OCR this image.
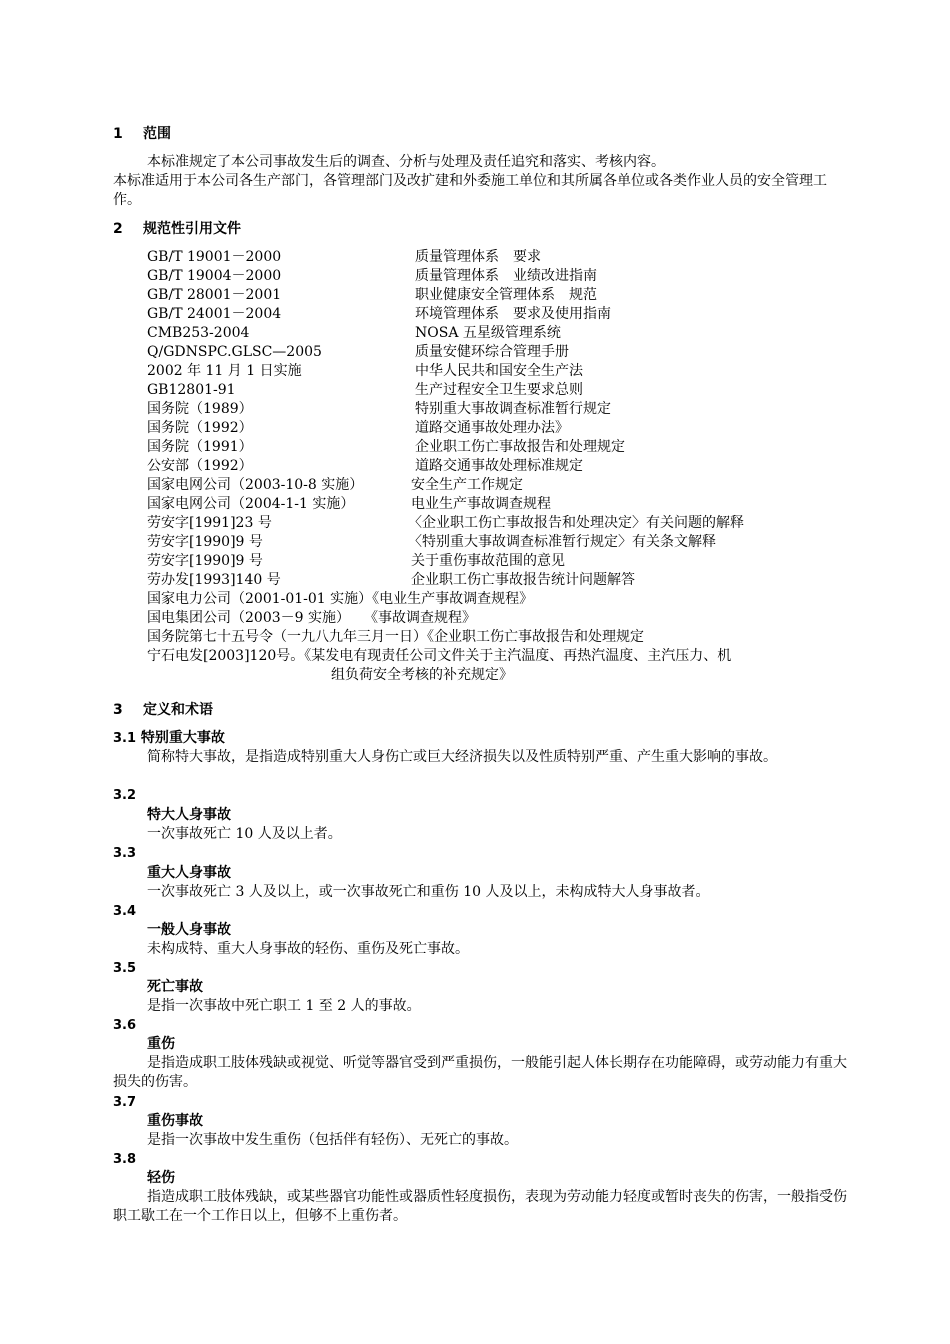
1 范围
本标准规定了本公司事故发生后的调查、分析与处理及责任追究和落实、考核内容。
本标准适用于本公司各生产部门，各管理部门及改扩建和外委施工单位和其所属各单位或各类作业人员的安全管理工作。
2 规范性引用文件
GB/T 19001－2000	质量管理体系　要求
GB/T 19004－2000	质量管理体系　业绩改进指南
GB/T 28001－2001	职业健康安全管理体系　规范
GB/T 24001－2004	环境管理体系　要求及使用指南
CMB253-2004	NOSA 五星级管理系统
Q/GDNSPC.GLSC—2005	质量安健环综合管理手册
2002 年 11 月 1 日实施	中华人民共和国安全生产法
GB12801-91	生产过程安全卫生要求总则
国务院（1989）	特别重大事故调查标准暂行规定
国务院（1992）	道路交通事故处理办法》
国务院（1991）	企业职工伤亡事故报告和处理规定
公安部（1992）	道路交通事故处理标准规定
国家电网公司（2003-10-8 实施）	安全生产工作规定
国家电网公司（2004-1-1 实施）	电业生产事故调查规程
劳安字[1991]23 号	〈企业职工伤亡事故报告和处理决定〉有关问题的解释
劳安字[1990]9 号	〈特别重大事故调查标准暂行规定〉有关条文解释
劳安字[1990]9 号	关于重伤事故范围的意见
劳办发[1993]140 号	企业职工伤亡事故报告统计问题解答
国家电力公司（2001-01-01 实施）《电业生产事故调查规程》
国电集团公司（2003－9 实施）　　《事故调查规程》
国务院第七十五号令（一九八九年三月一日）《企业职工伤亡事故报告和处理规定
宁石电发[2003]120号。《某发电有现责任公司文件关于主汽温度、再热汽温度、主汽压力、机
组负荷安全考核的补充规定》
3 定义和术语
3.1 特别重大事故
简称特大事故，是指造成特别重大人身伤亡或巨大经济损失以及性质特别严重、产生重大影响的事故。
3.2
特大人身事故
一次事故死亡 10 人及以上者。
3.3
重大人身事故
一次事故死亡 3 人及以上，或一次事故死亡和重伤 10 人及以上，未构成特大人身事故者。
3.4
一般人身事故
未构成特、重大人身事故的轻伤、重伤及死亡事故。
3.5
死亡事故
是指一次事故中死亡职工 1 至 2 人的事故。
3.6
重伤
是指造成职工肢体残缺或视觉、听觉等器官受到严重损伤，一般能引起人体长期存在功能障碍，或劳动能力有重大损失的伤害。
3.7
重伤事故
是指一次事故中发生重伤（包括伴有轻伤）、无死亡的事故。
3.8
轻伤
指造成职工肢体残缺，或某些器官功能性或器质性轻度损伤，表现为劳动能力轻度或暂时丧失的伤害，一般指受伤职工歇工在一个工作日以上，但够不上重伤者。
